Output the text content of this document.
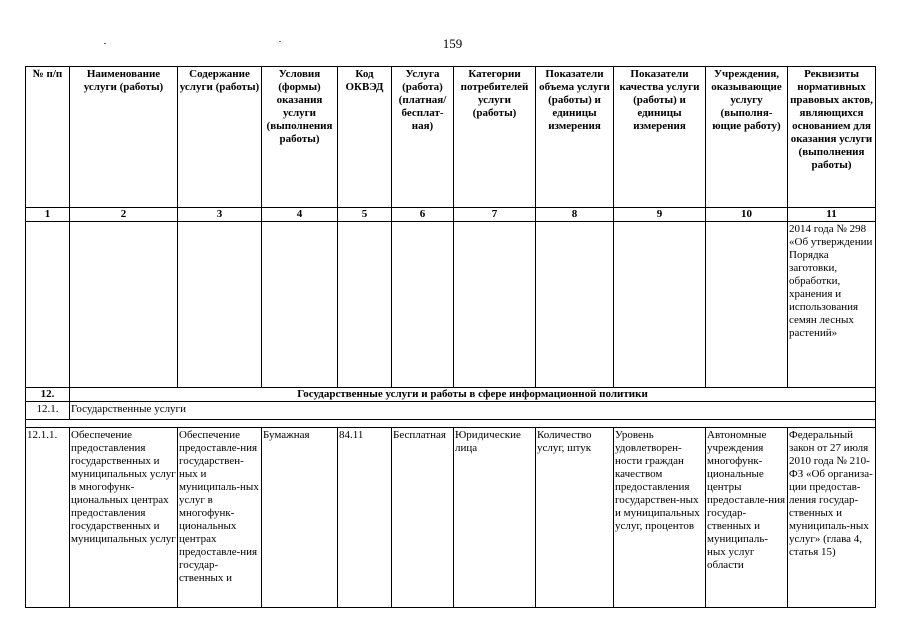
159
№ п/п	Наименование услуги (работы)	Содержание услуги (работы)	Условия (формы) оказания услуги (выполнения работы)	Код ОКВЭД	Услуга (работа) (платная/ бесплат-ная)	Категории потребителей услуги (работы)	Показатели объема услуги (работы) и единицы измерения	Показатели качества услуги (работы) и единицы измерения	Учреждения, оказывающие услугу (выполня-ющие работу)	Реквизиты нормативных правовых актов, являющихся основанием для оказания услуги (выполнения работы)
1	2	3	4	5	6	7	8	9	10	11
										2014 года № 298 «Об утверждении Порядка заготовки, обработки, хранения и использования семян лесных растений»
12.	Государственные услуги и работы в сфере информационной политики									
12.1.	Государственные услуги									

12.1.1.	Обеспечение предоставления государственных и муниципальных услуг в многофунк-циональных центрах предоставления государственных и муниципальных услуг	Обеспечение предоставле-ния государствен-ных и муниципаль-ных услуг в многофунк-циональных центрах предоставле-ния государ-ственных и	Бумажная	84.11	Бесплатная	Юридические лица	Количество услуг, штук	Уровень удовлетворен-ности граждан качеством предоставления государствен-ных и муниципальных услуг, процентов	Автономные учреждения многофунк-циональные центры предоставле-ния государ-ственных и муниципаль-ных услуг области	Федеральный закон от 27 июля 2010 года № 210-ФЗ «Об организа-ции предостав-ления государ-ственных и муниципаль-ных услуг» (глава 4, статья 15)
